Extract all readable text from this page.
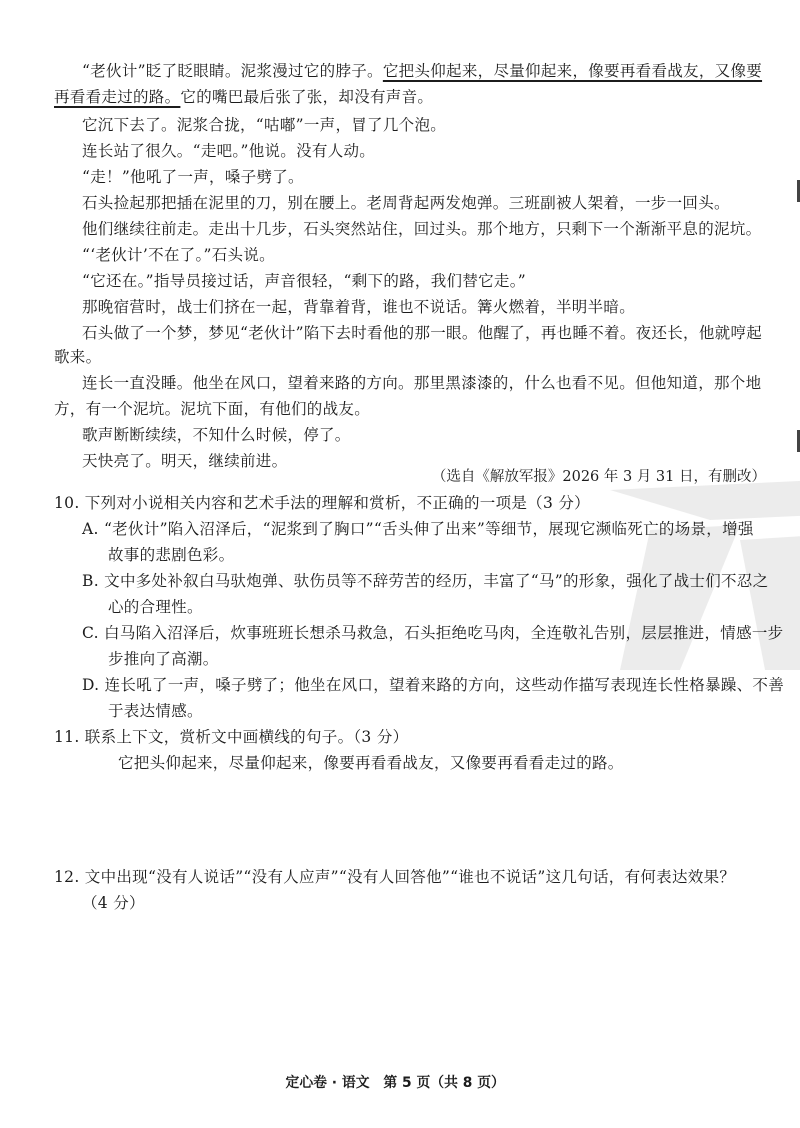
“老伙计”眨了眨眼睛。泥浆漫过它的脖子。它把头仰起来，尽量仰起来，像要再看看战友，又像要
再看看走过的路。它的嘴巴最后张了张，却没有声音。
它沉下去了。泥浆合拢，“咕嘟”一声，冒了几个泡。
连长站了很久。“走吧。”他说。没有人动。
“走！”他吼了一声，嗓子劈了。
石头捡起那把插在泥里的刀，别在腰上。老周背起两发炮弹。三班副被人架着，一步一回头。
他们继续往前走。走出十几步，石头突然站住，回过头。那个地方，只剩下一个渐渐平息的泥坑。
“‘老伙计’不在了。”石头说。
“它还在。”指导员接过话，声音很轻，“剩下的路，我们替它走。”
那晚宿营时，战士们挤在一起，背靠着背，谁也不说话。篝火燃着，半明半暗。
石头做了一个梦，梦见“老伙计”陷下去时看他的那一眼。他醒了，再也睡不着。夜还长，他就哼起
歌来。
连长一直没睡。他坐在风口，望着来路的方向。那里黑漆漆的，什么也看不见。但他知道，那个地
方，有一个泥坑。泥坑下面，有他们的战友。
歌声断断续续，不知什么时候，停了。
天快亮了。明天，继续前进。
（选自《解放军报》2026 年 3 月 31 日，有删改）
10. 下列对小说相关内容和艺术手法的理解和赏析，不正确的一项是（3 分）
A. “老伙计”陷入沼泽后，“泥浆到了胸口”“舌头伸了出来”等细节，展现它濒临死亡的场景，增强
故事的悲剧色彩。
B. 文中多处补叙白马驮炮弹、驮伤员等不辞劳苦的经历，丰富了“马”的形象，强化了战士们不忍之
心的合理性。
C. 白马陷入沼泽后，炊事班班长想杀马救急，石头拒绝吃马肉，全连敬礼告别，层层推进，情感一步
步推向了高潮。
D. 连长吼了一声，嗓子劈了；他坐在风口，望着来路的方向，这些动作描写表现连长性格暴躁、不善
于表达情感。
11. 联系上下文，赏析文中画横线的句子。（3 分）
它把头仰起来，尽量仰起来，像要再看看战友，又像要再看看走过的路。
12. 文中出现“没有人说话”“没有人应声”“没有人回答他”“谁也不说话”这几句话，有何表达效果？
（4 分）
定心卷 · 语文　第 5 页（共 8 页）
